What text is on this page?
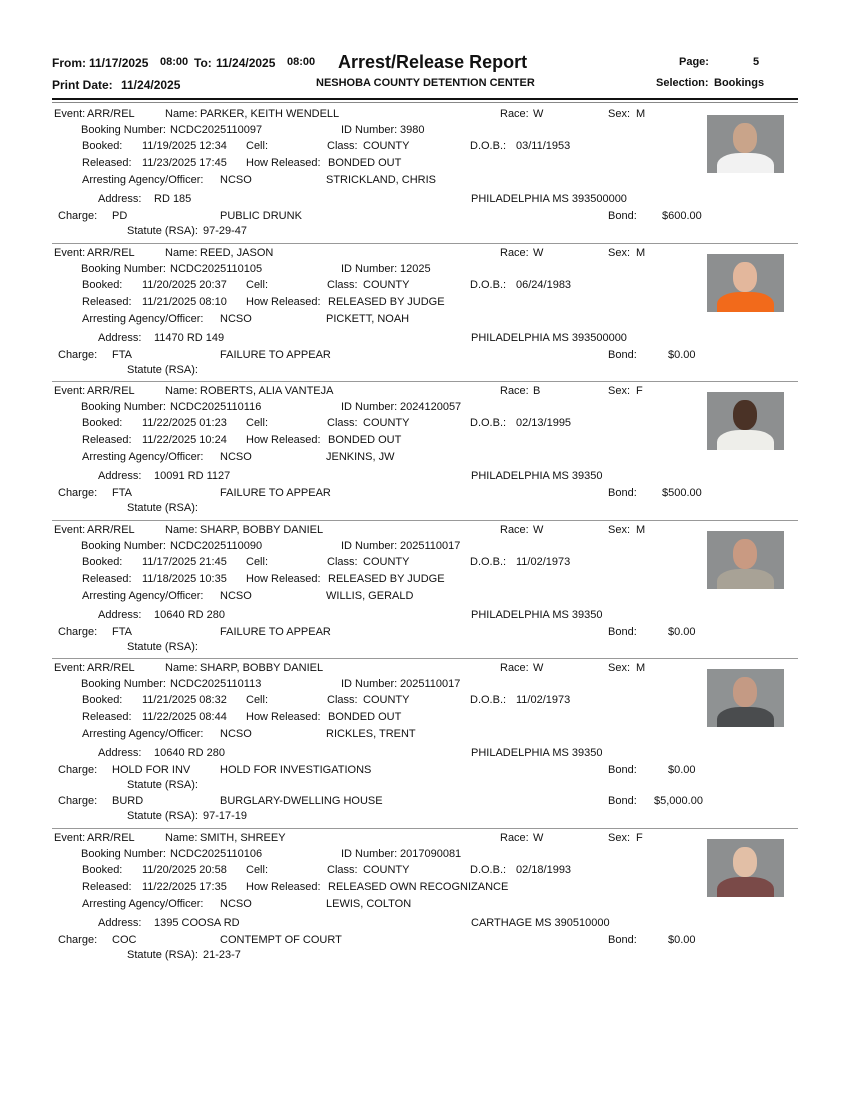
From: 11/17/2025 08:00 To: 11/24/2025 08:00 Arrest/Release Report	Page:	5
Print Date: 11/24/2025	NESHOBA COUNTY DETENTION CENTER	Selection: Bookings
Event: ARR/REL	Name: PARKER, KEITH WENDELL	Race: W	Sex: M
Booking Number: NCDC2025110097	ID Number: 3980
Booked: 11/19/2025 12:34 Cell:	Class: COUNTY	D.O.B.: 03/11/1953
Released: 11/23/2025 17:45 How Released: BONDED OUT
Arresting Agency/Officer: NCSO	STRICKLAND, CHRIS
Address: RD 185	PHILADELPHIA MS 393500000
Charge: PD	PUBLIC DRUNK	Bond: $600.00
Statute (RSA): 97-29-47
Event: ARR/REL	Name: REED, JASON	Race: W	Sex: M
Booking Number: NCDC2025110105	ID Number: 12025
Booked: 11/20/2025 20:37 Cell:	Class: COUNTY	D.O.B.: 06/24/1983
Released: 11/21/2025 08:10 How Released: RELEASED BY JUDGE
Arresting Agency/Officer: NCSO	PICKETT, NOAH
Address: 11470 RD 149	PHILADELPHIA MS 393500000
Charge: FTA	FAILURE TO APPEAR	Bond:	$0.00
Statute (RSA):
Event: ARR/REL	Name: ROBERTS, ALIA VANTEJA	Race: B	Sex: F
Booking Number: NCDC2025110116	ID Number: 2024120057
Booked: 11/22/2025 01:23 Cell:	Class: COUNTY	D.O.B.: 02/13/1995
Released: 11/22/2025 10:24 How Released: BONDED OUT
Arresting Agency/Officer: NCSO	JENKINS, JW
Address: 10091 RD 1127	PHILADELPHIA MS 39350
Charge: FTA	FAILURE TO APPEAR	Bond: $500.00
Statute (RSA):
Event: ARR/REL	Name: SHARP, BOBBY DANIEL	Race: W	Sex: M
Booking Number: NCDC2025110090	ID Number: 2025110017
Booked: 11/17/2025 21:45 Cell:	Class: COUNTY	D.O.B.: 11/02/1973
Released: 11/18/2025 10:35 How Released: RELEASED BY JUDGE
Arresting Agency/Officer: NCSO	WILLIS, GERALD
Address: 10640 RD 280	PHILADELPHIA MS 39350
Charge: FTA	FAILURE TO APPEAR	Bond:	$0.00
Statute (RSA):
Event: ARR/REL	Name: SHARP, BOBBY DANIEL	Race: W	Sex: M
Booking Number: NCDC2025110113	ID Number: 2025110017
Booked: 11/21/2025 08:32 Cell:	Class: COUNTY	D.O.B.: 11/02/1973
Released: 11/22/2025 08:44 How Released: BONDED OUT
Arresting Agency/Officer: NCSO	RICKLES, TRENT
Address: 10640 RD 280	PHILADELPHIA MS 39350
Charge: HOLD FOR INV	HOLD FOR INVESTIGATIONS	Bond:	$0.00
Statute (RSA):
Charge: BURD	BURGLARY-DWELLING HOUSE	Bond: $5,000.00
Statute (RSA): 97-17-19
Event: ARR/REL	Name: SMITH, SHREEY	Race: W	Sex: F
Booking Number: NCDC2025110106	ID Number: 2017090081
Booked: 11/20/2025 20:58 Cell:	Class: COUNTY	D.O.B.: 02/18/1993
Released: 11/22/2025 17:35 How Released: RELEASED OWN RECOGNIZANCE
Arresting Agency/Officer: NCSO	LEWIS, COLTON
Address: 1395 COOSA RD	CARTHAGE MS 390510000
Charge: COC	CONTEMPT OF COURT	Bond:	$0.00
Statute (RSA): 21-23-7
